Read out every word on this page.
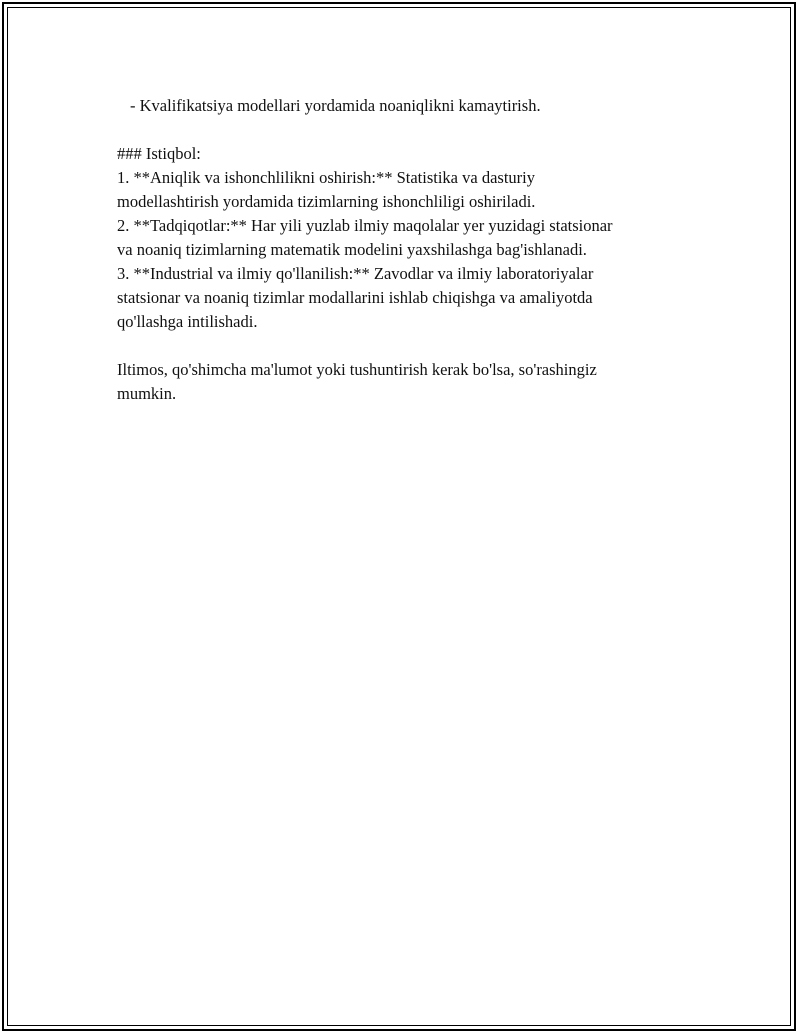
- Kvalifikatsiya modellari yordamida noaniqlikni kamaytirish.
### Istiqbol:
1. **Aniqlik va ishonchlilikni oshirish:** Statistika va dasturiy
modellashtirish yordamida tizimlarning ishonchliligi oshiriladi.
2. **Tadqiqotlar:** Har yili yuzlab ilmiy maqolalar yer yuzidagi statsionar
va noaniq tizimlarning matematik modelini yaxshilashga bag'ishlanadi.
3. **Industrial va ilmiy qo'llanilish:** Zavodlar va ilmiy laboratoriyalar
statsionar va noaniq tizimlar modallarini ishlab chiqishga va amaliyotda
qo'llashga intilishadi.
Iltimos, qo'shimcha ma'lumot yoki tushuntirish kerak bo'lsa, so'rashingiz
mumkin.
